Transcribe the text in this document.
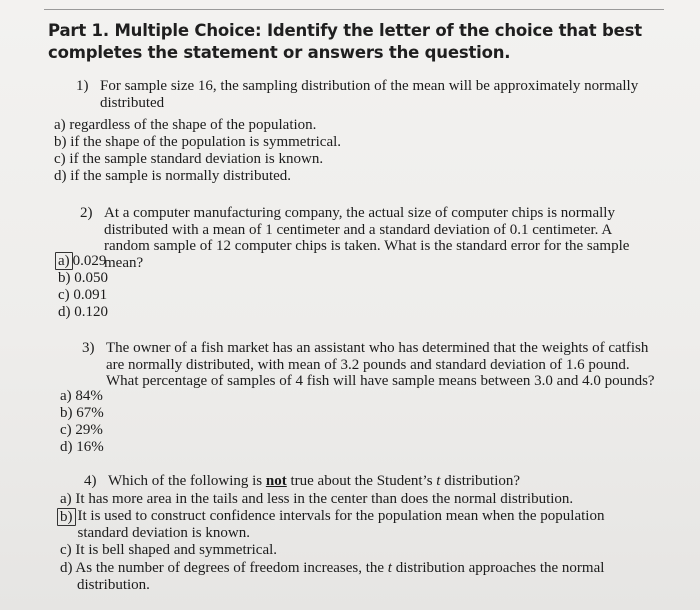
Part 1. Multiple Choice: Identify the letter of the choice that best completes the statement or answers the question.
1) For sample size 16, the sampling distribution of the mean will be approximately normally distributed
a) regardless of the shape of the population.
b) if the shape of the population is symmetrical.
c) if the sample standard deviation is known.
d) if the sample is normally distributed.
2) At a computer manufacturing company, the actual size of computer chips is normally distributed with a mean of 1 centimeter and a standard deviation of 0.1 centimeter. A random sample of 12 computer chips is taken. What is the standard error for the sample mean?
a) 0.029
b) 0.050
c) 0.091
d) 0.120
3) The owner of a fish market has an assistant who has determined that the weights of catfish are normally distributed, with mean of 3.2 pounds and standard deviation of 1.6 pound. What percentage of samples of 4 fish will have sample means between 3.0 and 4.0 pounds?
a) 84%
b) 67%
c) 29%
d) 16%
4) Which of the following is not true about the Student’s t distribution?
a) It has more area in the tails and less in the center than does the normal distribution.
b) It is used to construct confidence intervals for the population mean when the population standard deviation is known.
c) It is bell shaped and symmetrical.
d) As the number of degrees of freedom increases, the t distribution approaches the normal
distribution.
